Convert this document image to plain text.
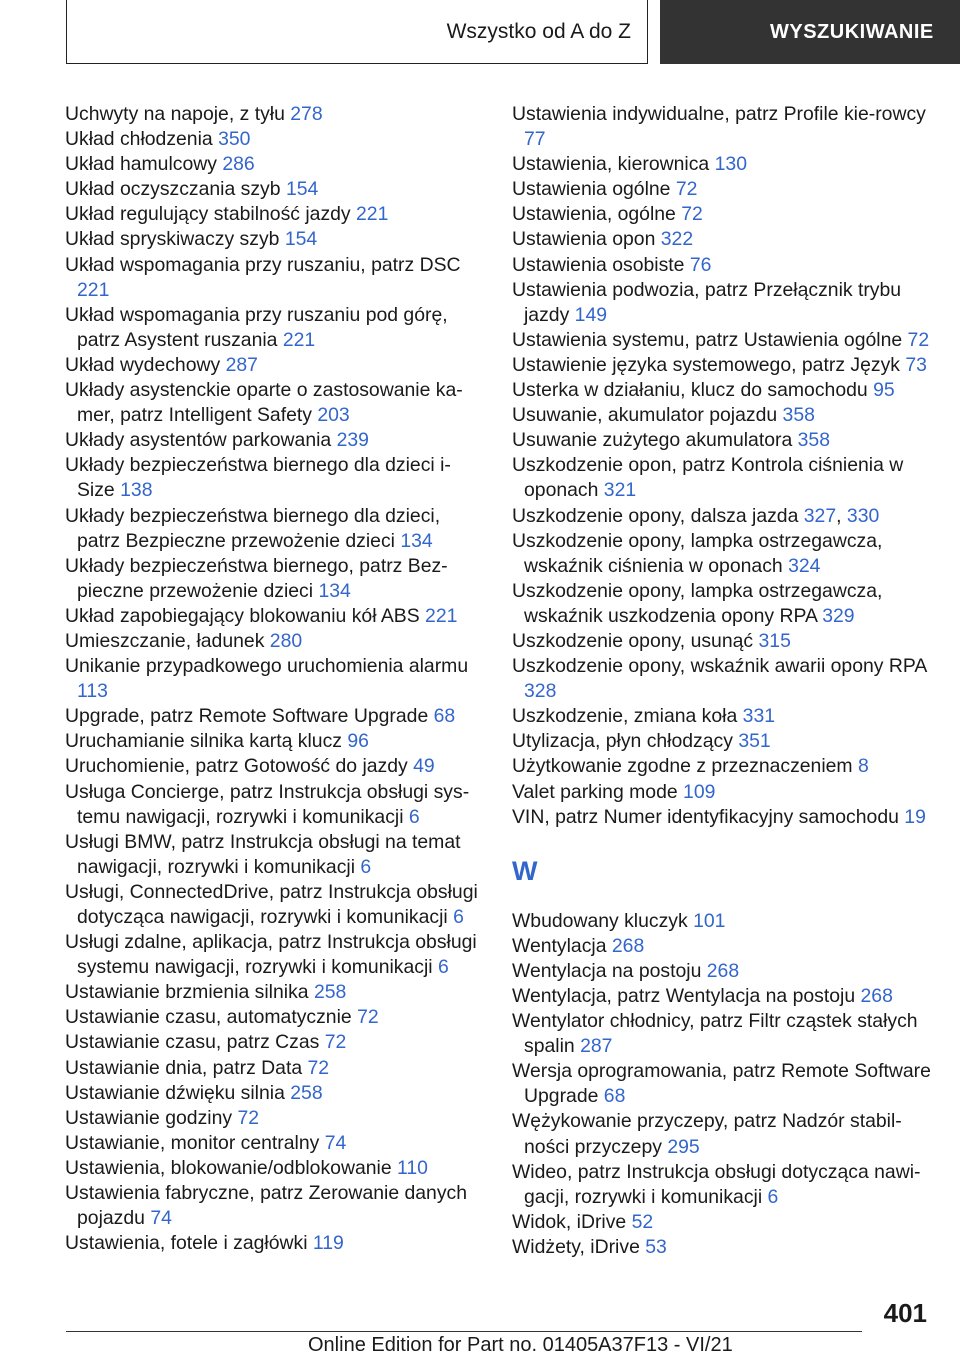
Wszystko od A do Z	WYSZUKIWANIE

Uchwyty na napoje, z tyłu 278

Układ chłodzenia 350

Układ hamulcowy 286

Układ oczyszczania szyb 154

Układ regulujący stabilność jazdy 221

Układ spryskiwaczy szyb 154

Układ wspomagania przy ruszaniu, patrz DSC 221

Układ wspomagania przy ruszaniu pod górę, patrz Asystent ruszania 221

Układ wydechowy 287

Układy asystenckie oparte o zastosowanie ka‐mer, patrz Intelligent Safety 203

Układy asystentów parkowania 239

Układy bezpieczeństwa biernego dla dzieci i-Size 138

Układy bezpieczeństwa biernego dla dzieci, patrz Bezpieczne przewożenie dzieci 134

Układy bezpieczeństwa biernego, patrz Bez‐pieczne przewożenie dzieci 134

Układ zapobiegający blokowaniu kół ABS 221

Umieszczanie, ładunek 280

Unikanie przypadkowego uruchomienia alarmu 113

Upgrade, patrz Remote Software Upgrade 68

Uruchamianie silnika kartą klucz 96

Uruchomienie, patrz Gotowość do jazdy 49

Usługa Concierge, patrz Instrukcja obsługi sys‐temu nawigacji, rozrywki i komunikacji 6

Usługi BMW, patrz Instrukcja obsługi na temat nawigacji, rozrywki i komunikacji 6

Usługi, ConnectedDrive, patrz Instrukcja obsługi dotycząca nawigacji, rozrywki i komunikacji 6

Usługi zdalne, aplikacja, patrz Instrukcja obsługi systemu nawigacji, rozrywki i komunikacji 6

Ustawianie brzmienia silnika 258

Ustawianie czasu, automatycznie 72

Ustawianie czasu, patrz Czas 72

Ustawianie dnia, patrz Data 72

Ustawianie dźwięku silnia 258

Ustawianie godziny 72

Ustawianie, monitor centralny 74

Ustawienia, blokowanie/odblokowanie 110

Ustawienia fabryczne, patrz Zerowanie danych pojazdu 74

Ustawienia, fotele i zagłówki 119

Ustawienia indywidualne, patrz Profile kie‐rowcy 77

Ustawienia, kierownica 130

Ustawienia ogólne 72

Ustawienia, ogólne 72

Ustawienia opon 322

Ustawienia osobiste 76

Ustawienia podwozia, patrz Przełącznik trybu jazdy 149

Ustawienia systemu, patrz Ustawienia ogólne 72

Ustawienie języka systemowego, patrz Język 73

Usterka w działaniu, klucz do samochodu 95

Usuwanie, akumulator pojazdu 358

Usuwanie zużytego akumulatora 358

Uszkodzenie opon, patrz Kontrola ciśnienia w oponach 321

Uszkodzenie opony, dalsza jazda 327, 330

Uszkodzenie opony, lampka ostrzegawcza, wskaźnik ciśnienia w oponach 324

Uszkodzenie opony, lampka ostrzegawcza, wskaźnik uszkodzenia opony RPA 329

Uszkodzenie opony, usunąć 315

Uszkodzenie opony, wskaźnik awarii opony RPA 328

Uszkodzenie, zmiana koła 331

Utylizacja, płyn chłodzący 351

Użytkowanie zgodne z przeznaczeniem 8

Valet parking mode 109

VIN, patrz Numer identyfikacyjny samochodu 19

W

Wbudowany kluczyk 101

Wentylacja 268

Wentylacja na postoju 268

Wentylacja, patrz Wentylacja na postoju 268

Wentylator chłodnicy, patrz Filtr cząstek stałych spalin 287

Wersja oprogramowania, patrz Remote Software Upgrade 68

Wężykowanie przyczepy, patrz Nadzór stabil‐ności przyczepy 295

Wideo, patrz Instrukcja obsługi dotycząca nawi‐gacji, rozrywki i komunikacji 6

Widok, iDrive 52

Widżety, iDrive 53

401
Online Edition for Part no. 01405A37F13 - VI/21
